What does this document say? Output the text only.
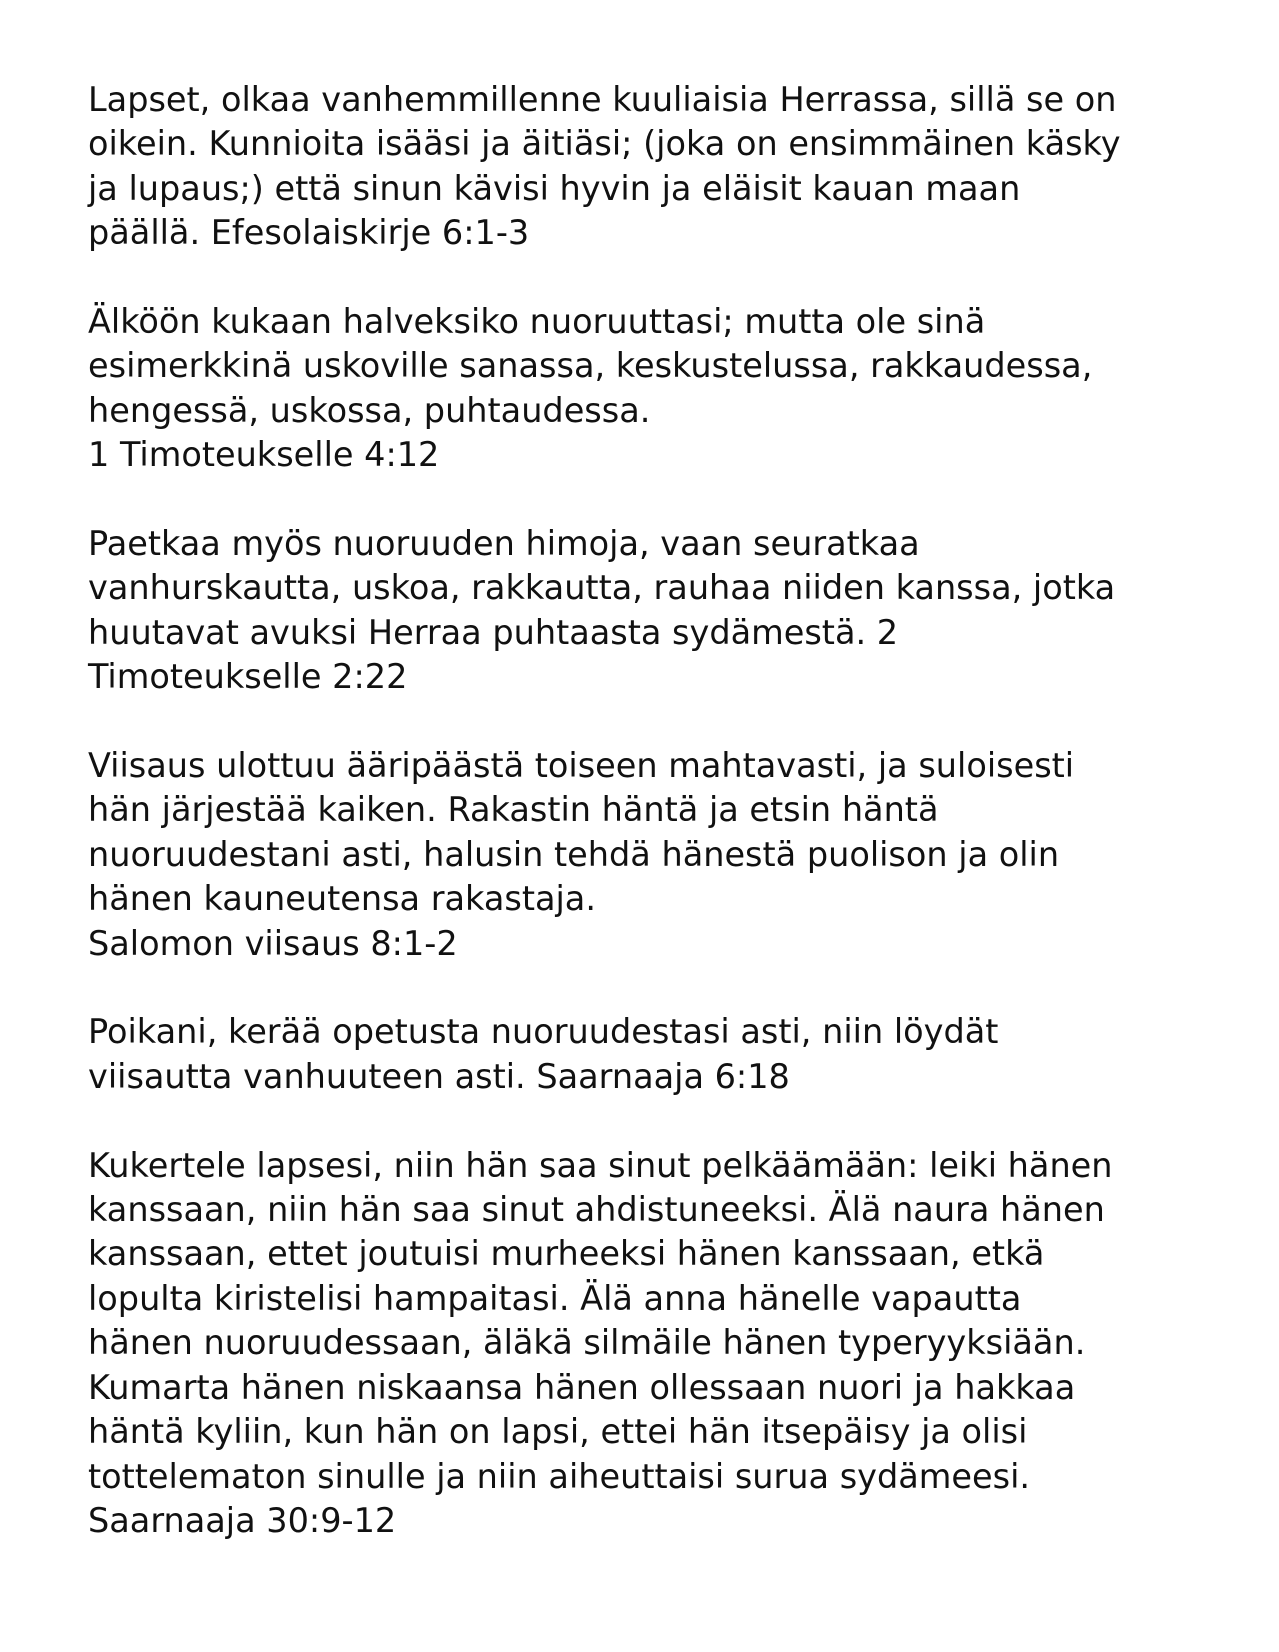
Lapset, olkaa vanhemmillenne kuuliaisia Herrassa, sillä se on
oikein. Kunnioita isääsi ja äitiäsi; (joka on ensimmäinen käsky
ja lupaus;) että sinun kävisi hyvin ja eläisit kauan maan
päällä. Efesolaiskirje 6:1-3
Älköön kukaan halveksiko nuoruuttasi; mutta ole sinä
esimerkkinä uskoville sanassa, keskustelussa, rakkaudessa,
hengessä, uskossa, puhtaudessa.
1 Timoteukselle 4:12
Paetkaa myös nuoruuden himoja, vaan seuratkaa
vanhurskautta, uskoa, rakkautta, rauhaa niiden kanssa, jotka
huutavat avuksi Herraa puhtaasta sydämestä. 2
Timoteukselle 2:22
Viisaus ulottuu ääripäästä toiseen mahtavasti, ja suloisesti
hän järjestää kaiken. Rakastin häntä ja etsin häntä
nuoruudestani asti, halusin tehdä hänestä puolison ja olin
hänen kauneutensa rakastaja.
Salomon viisaus 8:1-2
Poikani, kerää opetusta nuoruudestasi asti, niin löydät
viisautta vanhuuteen asti. Saarnaaja 6:18
Kukertele lapsesi, niin hän saa sinut pelkäämään: leiki hänen
kanssaan, niin hän saa sinut ahdistuneeksi. Älä naura hänen
kanssaan, ettet joutuisi murheeksi hänen kanssaan, etkä
lopulta kiristelisi hampaitasi. Älä anna hänelle vapautta
hänen nuoruudessaan, äläkä silmäile hänen typeryyksiään.
Kumarta hänen niskaansa hänen ollessaan nuori ja hakkaa
häntä kyliin, kun hän on lapsi, ettei hän itsepäisy ja olisi
tottelematon sinulle ja niin aiheuttaisi surua sydämeesi.
Saarnaaja 30:9-12
